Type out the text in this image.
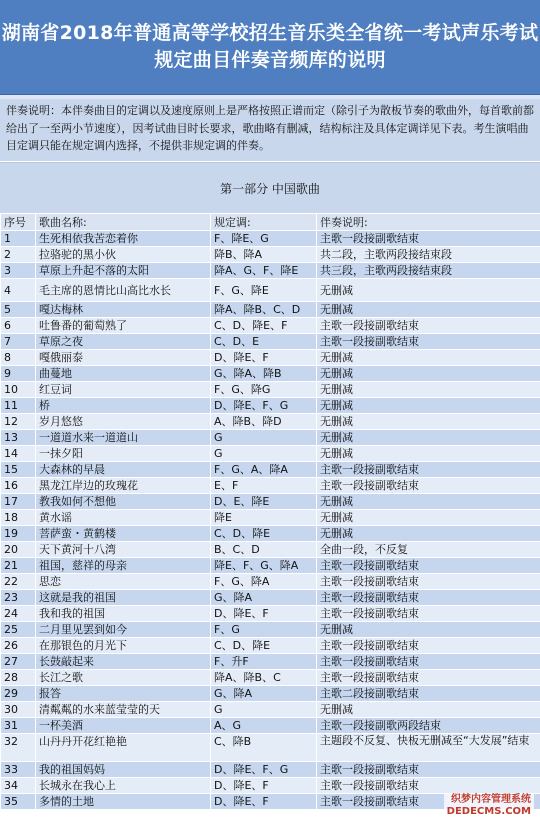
湖南省2018年普通高等学校招生音乐类全省统一考试声乐考试
规定曲目伴奏音频库的说明
伴奏说明：本伴奏曲目的定调以及速度原则上是严格按照正谱而定（除引子为散板节奏的歌曲外，每首歌前都给出了一至两小节速度），因考试曲目时长要求，歌曲略有删减，结构标注及具体定调详见下表。考生演唱曲目定调只能在规定调内选择，不提供非规定调的伴奏。
第一部分 中国歌曲
序号	歌曲名称:	规定调:	伴奏说明:
1	生死相依我苦恋着你	F、降E、G	主歌一段接副歌结束
2	拉骆驼的黑小伙	降B、降A	共二段，主歌两段接结束段
3	草原上升起不落的太阳	降A、G、F、降E	共三段，主歌两段接结束段
4	毛主席的恩情比山高比水长	F、G、降E	无删减
5	嘎达梅林	降A、降B、C、D	无删减
6	吐鲁番的葡萄熟了	C、D、降E、F	主歌一段接副歌结束
7	草原之夜	C、D、E	主歌一段接副歌结束
8	嘎俄丽泰	D、降E、F	无删减
9	曲蔓地	G、降A、降B	无删减
10	红豆词	F、G、降G	无删减
11	桥	D、降E、F、G	无删减
12	岁月悠悠	A、降B、降D	无删减
13	一道道水来一道道山	G	无删减
14	一抹夕阳	G	无删减
15	大森林的早晨	F、G、A、降A	主歌一段接副歌结束
16	黑龙江岸边的玫瑰花	E、F	主歌一段接副歌结束
17	教我如何不想他	D、E、降E	无删减
18	黄水谣	降E	无删减
19	菩萨蛮・黄鹤楼	C、D、降E	无删减
20	天下黄河十八湾	B、C、D	全曲一段，不反复
21	祖国，慈祥的母亲	降E、F、G、降A	主歌一段接副歌结束
22	思恋	F、G、降A	主歌一段接副歌结束
23	这就是我的祖国	G、降A	主歌一段接副歌结束
24	我和我的祖国	D、降E、F	主歌一段接副歌结束
25	二月里见罢到如今	F、G	无删减
26	在那银色的月光下	C、D、降E	主歌一段接副歌结束
27	长鼓敲起来	F、升F	主歌一段接副歌结束
28	长江之歌	降A、降B、C	主歌一段接副歌结束
29	报答	G、降A	主歌二段接副歌结束
30	清粼粼的水来蓝莹莹的天	G	无删减
31	一杯美酒	A、G	主歌一段接副歌两段结束
32	山丹丹开花红艳艳	C、降B	主题段不反复、快板无删减至“大发展”结束
33	我的祖国妈妈	D、降E、F、G	主歌一段接副歌结束
34	长城永在我心上	D、降E、F	主歌一段接副歌结束
35	多情的土地	D、降E、F	主歌一段接副歌结束	织梦内容管理系统
DEDECMS.COM
